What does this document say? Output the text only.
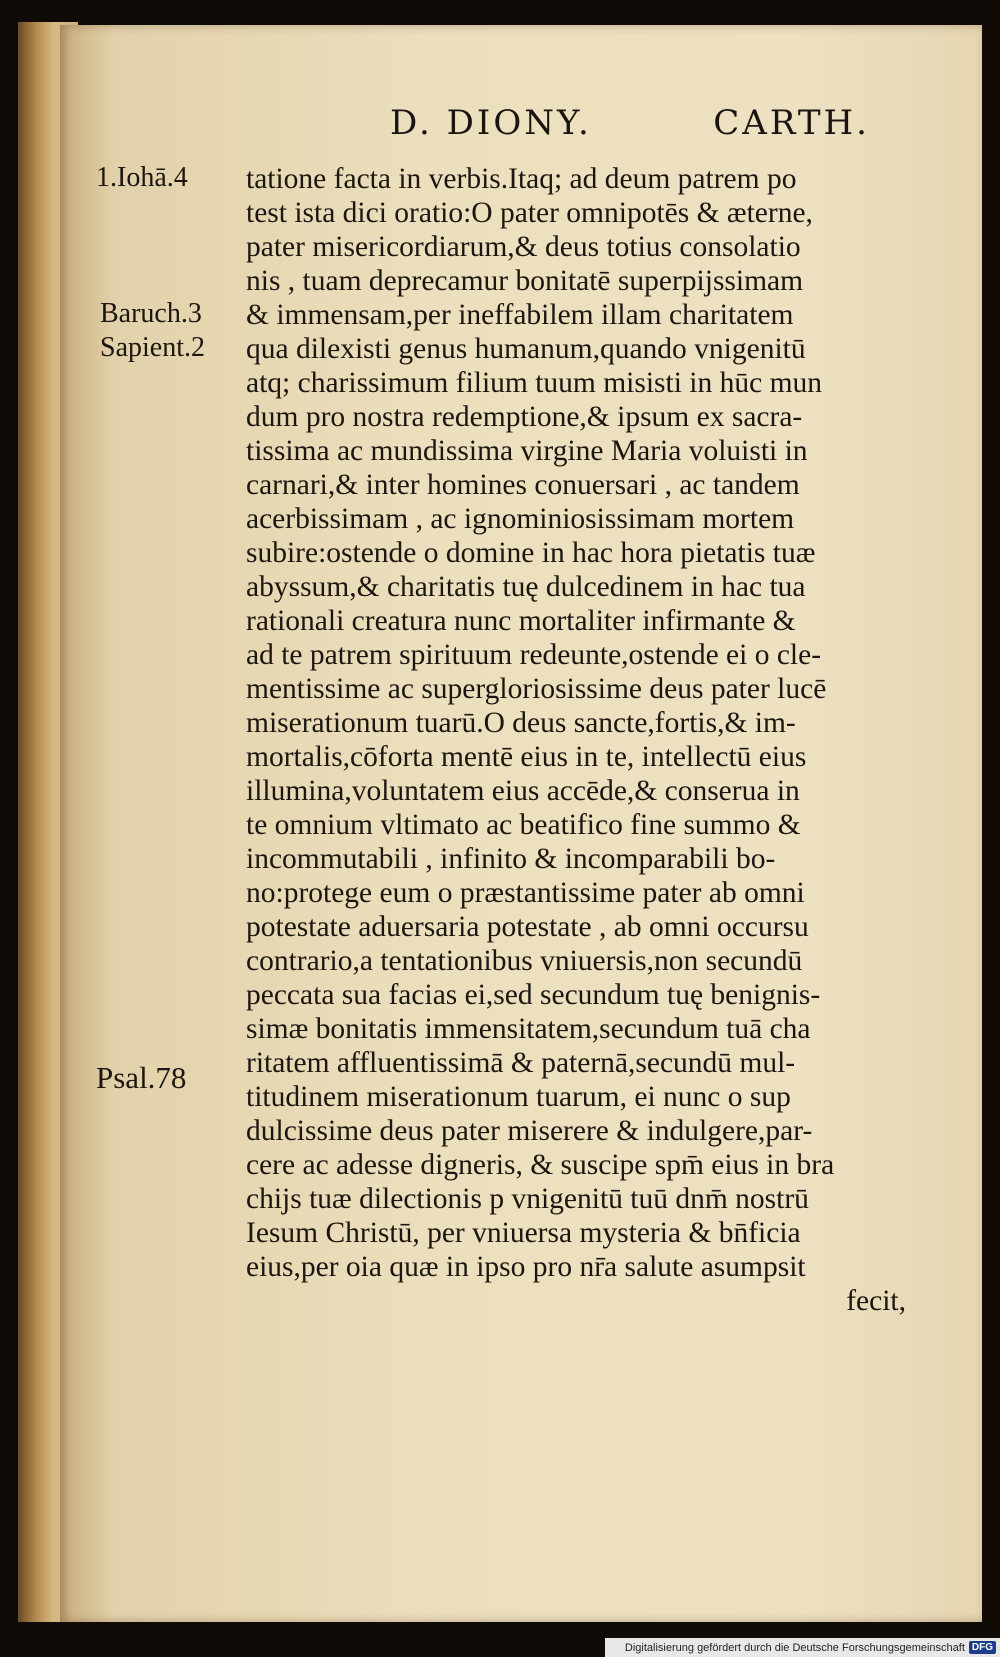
D. DIONY.	CARTH.
1.Iohā.4
Baruch.3
Sapient.2
Psal.78
tatione facta in verbis.Itaq; ad deum patrem po
test ista dici oratio:O pater omnipotēs & æterne,
pater misericordiarum,& deus totius consolatio
nis , tuam deprecamur bonitatē superpijssimam
& immensam,per ineffabilem illam charitatem
qua dilexisti genus humanum,quando vnigenitū
atq; charissimum filium tuum misisti in hūc mun
dum pro nostra redemptione,& ipsum ex sacra-
tissima ac mundissima virgine Maria voluisti in
carnari,& inter homines conuersari , ac tandem
acerbissimam , ac ignominiosissimam mortem
subire:ostende o domine in hac hora pietatis tuæ
abyssum,& charitatis tuę dulcedinem in hac tua
rationali creatura nunc mortaliter infirmante &
ad te patrem spirituum redeunte,ostende ei o cle-
mentissime ac supergloriosissime deus pater lucē
miserationum tuarū.O deus sancte,fortis,& im-
mortalis,cōforta mentē eius in te, intellectū eius
illumina,voluntatem eius accēde,& conserua in
te omnium vltimato ac beatifico fine summo &
incommutabili , infinito & incomparabili bo-
no:protege eum o præstantissime pater ab omni
potestate aduersaria potestate , ab omni occursu
contrario,a tentationibus vniuersis,non secundū
peccata sua facias ei,sed secundum tuę benignis-
simæ bonitatis immensitatem,secundum tuā cha
ritatem affluentissimā & paternā,secundū mul-
titudinem miserationum tuarum, ei nunc o sup
dulcissime deus pater miserere & indulgere,par-
cere ac adesse digneris, & suscipe spm̄ eius in bra
chijs tuæ dilectionis p vnigenitū tuū dnm̄ nostrū
Iesum Christū, per vniuersa mysteria & bn̄ficia
eius,per oia quæ in ipso pro nr̄a salute asumpsit
fecit,
Digitalisierung gefördert durch die Deutsche Forschungsgemeinschaft DFG
